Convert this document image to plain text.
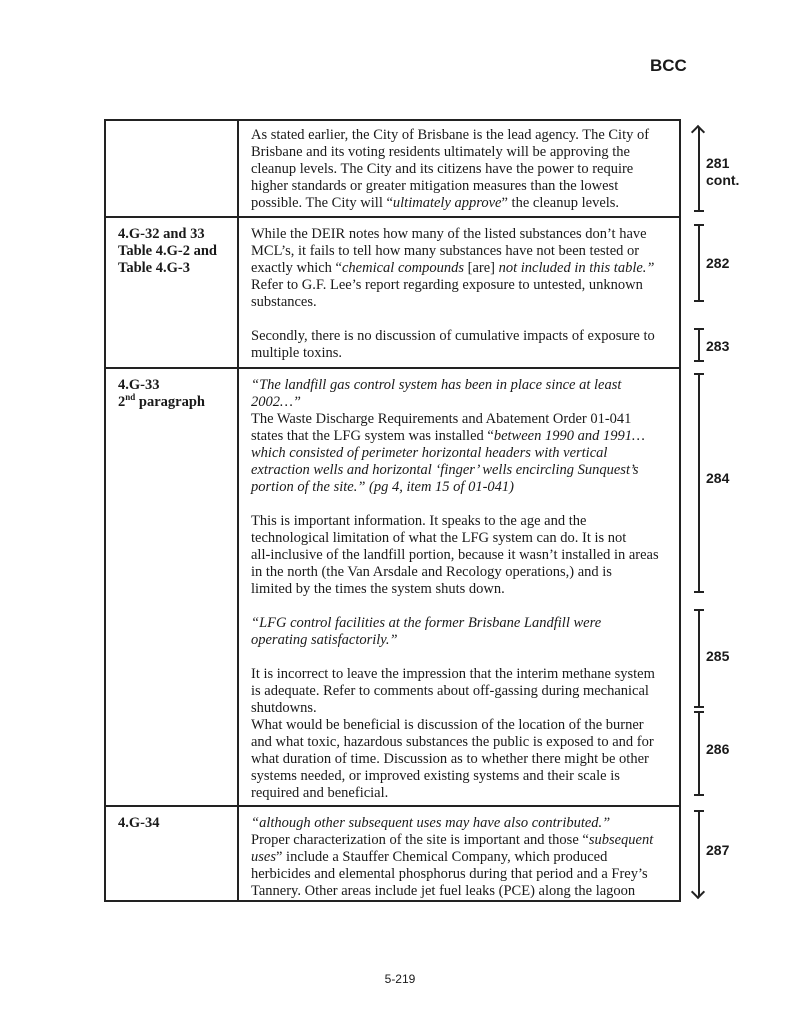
BCC

As stated earlier, the City of Brisbane is the lead agency. The City of
Brisbane and its voting residents ultimately will be approving the
cleanup levels. The City and its citizens have the power to require
higher standards or greater mitigation measures than the lowest
possible. The City will “ultimately approve” the cleanup levels.

4.G-32 and 33
Table 4.G-2 and
Table 4.G-3

While the DEIR notes how many of the listed substances don’t have
MCL’s, it fails to tell how many substances have not been tested or
exactly which “chemical compounds [are] not included in this table.”
Refer to G.F. Lee’s report regarding exposure to untested, unknown
substances.

Secondly, there is no discussion of cumulative impacts of exposure to
multiple toxins.

4.G-33
2nd paragraph

“The landfill gas control system has been in place since at least
2002…”
The Waste Discharge Requirements and Abatement Order 01-041
states that the LFG system was installed “between 1990 and 1991…
which consisted of perimeter horizontal headers with vertical
extraction wells and horizontal ‘finger’ wells encircling Sunquest’s
portion of the site.” (pg 4, item 15 of 01-041)

This is important information. It speaks to the age and the
technological limitation of what the LFG system can do. It is not
all-inclusive of the landfill portion, because it wasn’t installed in areas
in the north (the Van Arsdale and Recology operations,) and is
limited by the times the system shuts down.

“LFG control facilities at the former Brisbane Landfill were
operating satisfactorily.”

It is incorrect to leave the impression that the interim methane system
is adequate. Refer to comments about off-gassing during mechanical
shutdowns.
What would be beneficial is discussion of the location of the burner
and what toxic, hazardous substances the public is exposed to and for
what duration of time. Discussion as to whether there might be other
systems needed, or improved existing systems and their scale is
required and beneficial.

4.G-34	“although other subsequent uses may have also contributed.”
Proper characterization of the site is important and those “subsequent
uses” include a Stauffer Chemical Company, which produced
herbicides and elemental phosphorus during that period and a Frey’s
Tannery. Other areas include jet fuel leaks (PCE) along the lagoon

281
cont.
282
283
284
285
286
287
5-219
